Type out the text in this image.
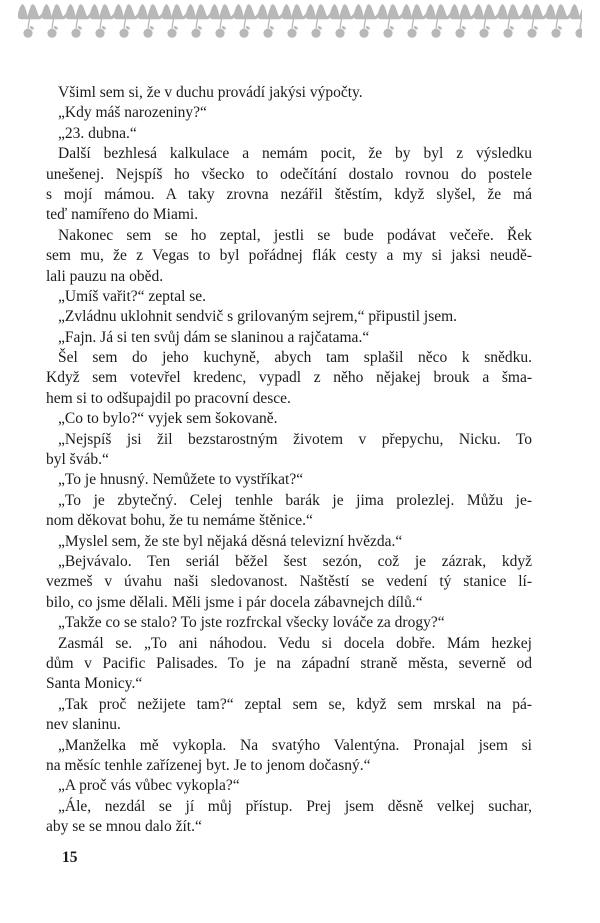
Všiml sem si, že v duchu provádí jakýsi výpočty.
„Kdy máš narozeniny?“
„23. dubna.“
Další bezhlesá kalkulace a nemám pocit, že by byl z výsledku
unešenej. Nejspíš ho všecko to odečítání dostalo rovnou do postele
s mojí mámou. A taky zrovna nezářil štěstím, když slyšel, že má
teď namířeno do Miami.
Nakonec sem se ho zeptal, jestli se bude podávat večeře. Řek
sem mu, že z Vegas to byl pořádnej flák cesty a my si jaksi neudě-
lali pauzu na oběd.
„Umíš vařit?“ zeptal se.
„Zvládnu uklohnit sendvič s grilovaným sejrem,“ připustil jsem.
„Fajn. Já si ten svůj dám se slaninou a rajčatama.“
Šel sem do jeho kuchyně, abych tam splašil něco k snědku.
Když sem votevřel kredenc, vypadl z něho nějakej brouk a šma-
hem si to odšupajdil po pracovní desce.
„Co to bylo?“ vyjek sem šokovaně.
„Nejspíš jsi žil bezstarostným životem v přepychu, Nicku. To
byl šváb.“
„To je hnusný. Nemůžete to vystříkat?“
„To je zbytečný. Celej tenhle barák je jima prolezlej. Můžu je-
nom děkovat bohu, že tu nemáme štěnice.“
„Myslel sem, že ste byl nějaká děsná televizní hvězda.“
„Bejvávalo. Ten seriál běžel šest sezón, což je zázrak, když
vezmeš v úvahu naši sledovanost. Naštěstí se vedení tý stanice lí-
bilo, co jsme dělali. Měli jsme i pár docela zábavnejch dílů.“
„Takže co se stalo? To jste rozfrckal všecky lováče za drogy?“
Zasmál se. „To ani náhodou. Vedu si docela dobře. Mám hezkej
dům v Pacific Palisades. To je na západní straně města, severně od
Santa Monicy.“
„Tak proč nežijete tam?“ zeptal sem se, když sem mrskal na pá-
nev slaninu.
„Manželka mě vykopla. Na svatýho Valentýna. Pronajal jsem si
na měsíc tenhle zařízenej byt. Je to jenom dočasný.“
„A proč vás vůbec vykopla?“
„Ále, nezdál se jí můj přístup. Prej jsem děsně velkej suchar,
aby se se mnou dalo žít.“
15
